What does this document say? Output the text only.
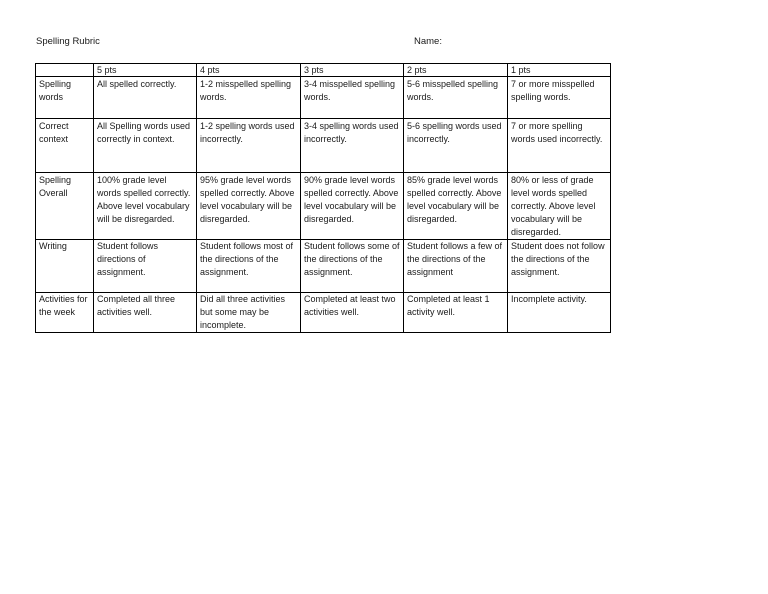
Spelling Rubric	Name:
	5 pts	4 pts	3 pts	2 pts	1 pts
Spelling words	All spelled correctly.	1-2 misspelled spelling words.	3-4 misspelled spelling words.	5-6 misspelled spelling words.	7 or more misspelled spelling words.
Correct context	All Spelling words used correctly in context.	1-2 spelling words used incorrectly.	3-4 spelling words used incorrectly.	5-6 spelling words used incorrectly.	7 or more spelling words used incorrectly.
Spelling Overall	100% grade level words spelled correctly. Above level vocabulary will be disregarded.	95% grade level words spelled correctly. Above level vocabulary will be disregarded.	90% grade level words spelled correctly. Above level vocabulary will be disregarded.	85% grade level words spelled correctly. Above level vocabulary will be disregarded.	80% or less of grade level words spelled correctly. Above level vocabulary will be disregarded.
Writing	Student follows directions of assignment.	Student follows most of the directions of the assignment.	Student follows some of the directions of the assignment.	Student follows a few of the directions of the assignment	Student does not follow the directions of the assignment.
Activities for the week	Completed all three activities well.	Did all three activities but some may be incomplete.	Completed at least two activities well.	Completed at least 1 activity well.	Incomplete activity.
